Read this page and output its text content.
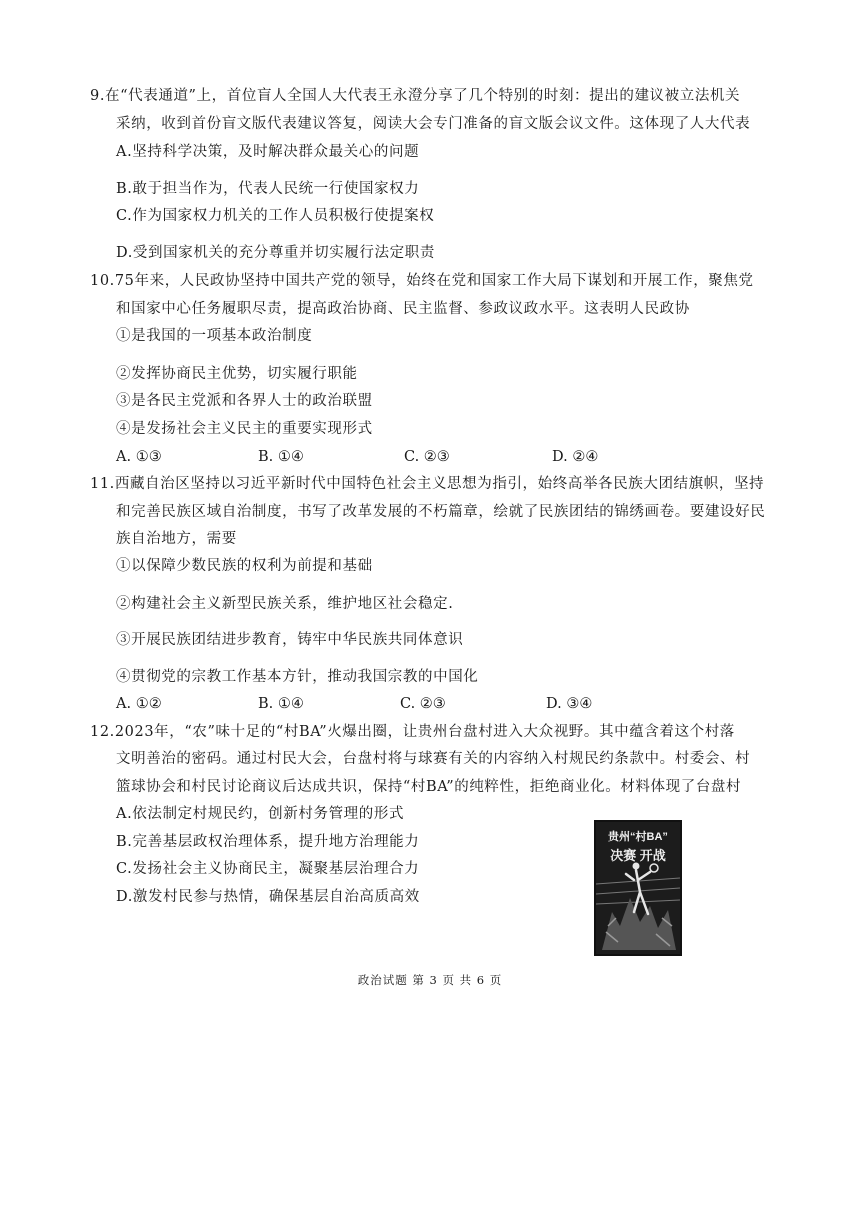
9.在“代表通道”上，首位盲人全国人大代表王永澄分享了几个特别的时刻：提出的建议被立法机关
采纳，收到首份盲文版代表建议答复，阅读大会专门准备的盲文版会议文件。这体现了人大代表
A.坚持科学决策，及时解决群众最关心的问题
B.敢于担当作为，代表人民统一行使国家权力
C.作为国家权力机关的工作人员积极行使提案权
D.受到国家机关的充分尊重并切实履行法定职责
10.75年来，人民政协坚持中国共产党的领导，始终在党和国家工作大局下谋划和开展工作，聚焦党
和国家中心任务履职尽责，提高政治协商、民主监督、参政议政水平。这表明人民政协
①是我国的一项基本政治制度
②发挥协商民主优势，切实履行职能
③是各民主党派和各界人士的政治联盟
④是发扬社会主义民主的重要实现形式
A. ①③	B. ①④	C. ②③	D. ②④
11.西藏自治区坚持以习近平新时代中国特色社会主义思想为指引，始终高举各民族大团结旗帜，坚持
和完善民族区域自治制度，书写了改革发展的不朽篇章，绘就了民族团结的锦绣画卷。要建设好民
族自治地方，需要
①以保障少数民族的权利为前提和基础
②构建社会主义新型民族关系，维护地区社会稳定.
③开展民族团结进步教育，铸牢中华民族共同体意识
④贯彻党的宗教工作基本方针，推动我国宗教的中国化
A. ①②	B. ①④	C. ②③	D. ③④
12.2023年，“农”味十足的“村BA”火爆出圈，让贵州台盘村进入大众视野。其中蕴含着这个村落
文明善治的密码。通过村民大会，台盘村将与球赛有关的内容纳入村规民约条款中。村委会、村
篮球协会和村民讨论商议后达成共识，保持“村BA”的纯粹性，拒绝商业化。材料体现了台盘村
A.依法制定村规民约，创新村务管理的形式
B.完善基层政权治理体系，提升地方治理能力
C.发扬社会主义协商民主，凝聚基层治理合力
D.激发村民参与热情，确保基层自治高质高效
贵州“村BA”
决赛 开战
政治试题 第 3 页 共 6 页
